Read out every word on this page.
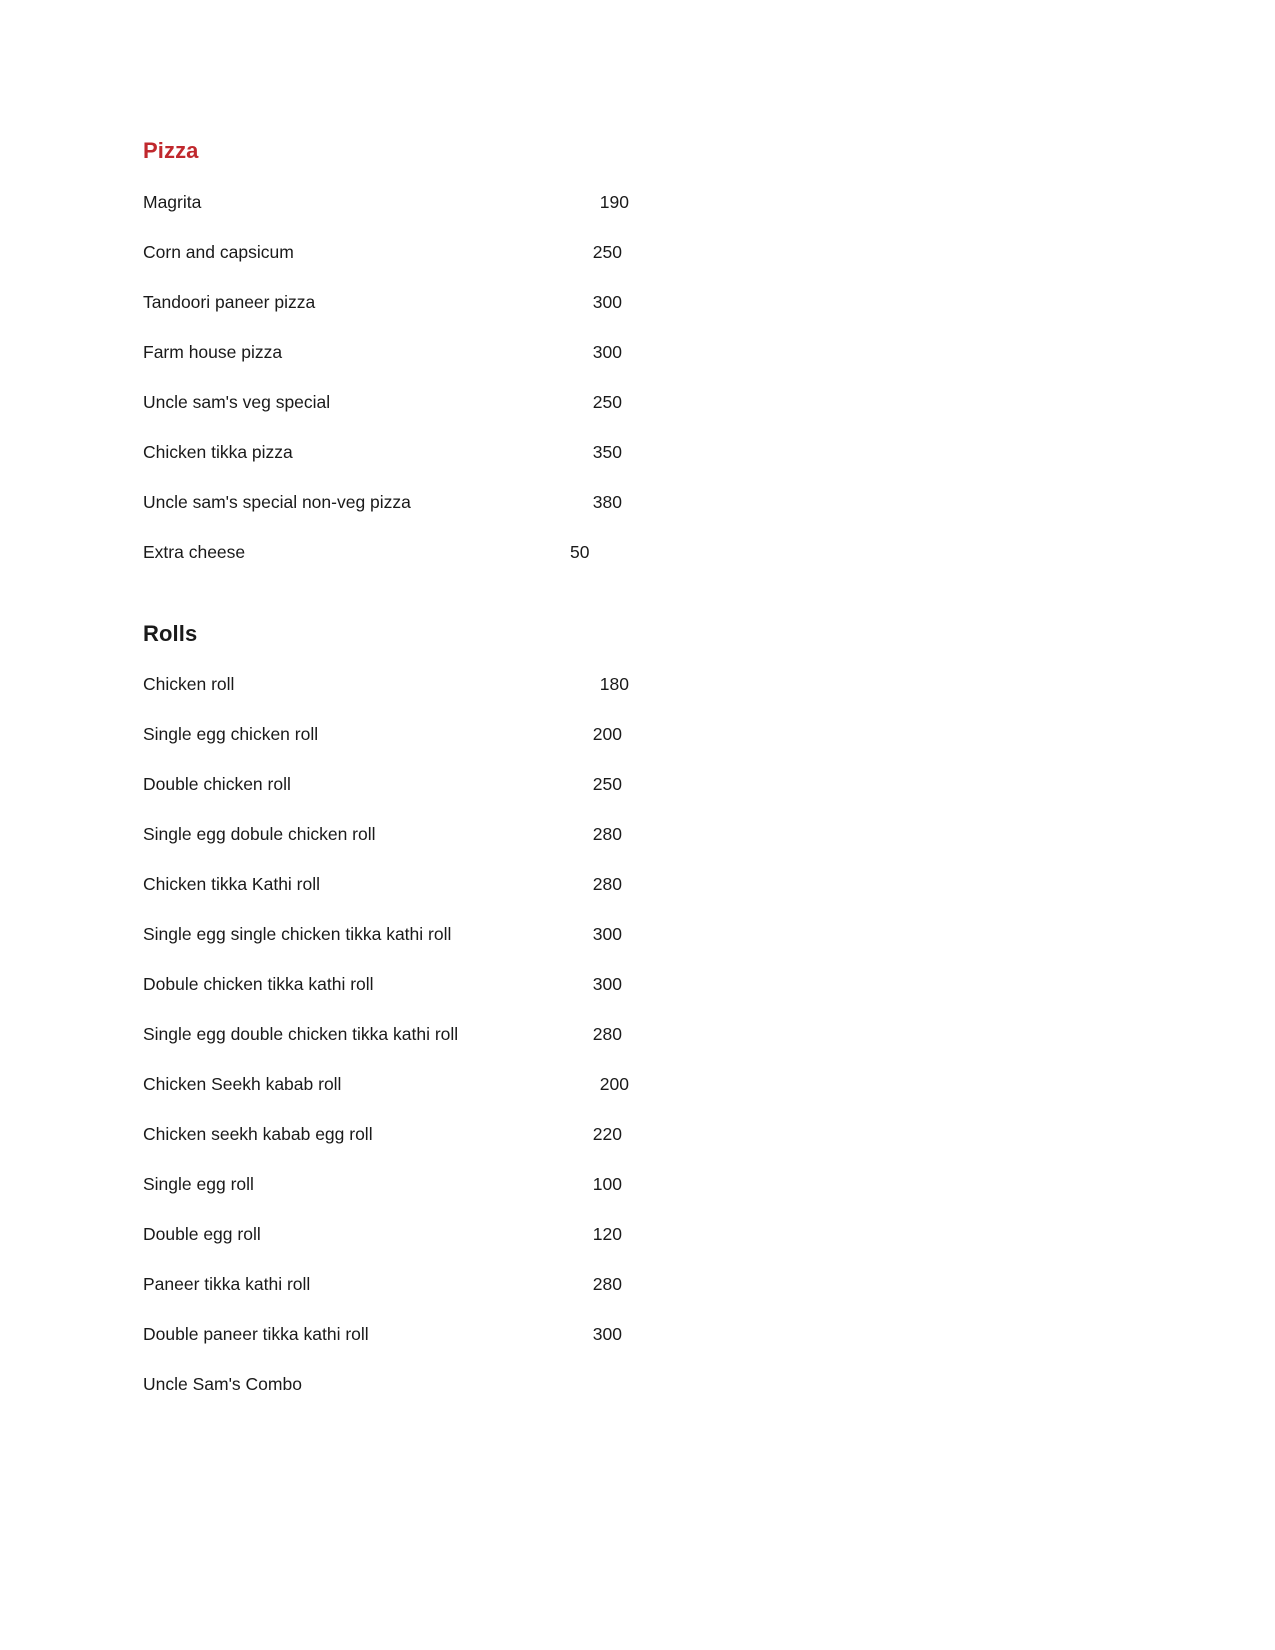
Pizza
Magrita	190
Corn and capsicum	250
Tandoori paneer pizza	300
Farm house pizza	300
Uncle sam's veg special	250
Chicken tikka pizza	350
Uncle sam's special non-veg pizza	380
Extra cheese	50
Rolls
Chicken roll	180
Single egg chicken roll	200
Double chicken roll	250
Single egg dobule chicken roll	280
Chicken tikka Kathi roll	280
Single egg single chicken tikka kathi roll	300
Dobule chicken tikka kathi roll	300
Single egg double chicken tikka kathi roll	280
Chicken Seekh kabab roll	200
Chicken seekh kabab egg roll	220
Single egg roll	100
Double egg roll	120
Paneer tikka kathi roll	280
Double paneer tikka kathi roll	300
Uncle Sam's Combo
